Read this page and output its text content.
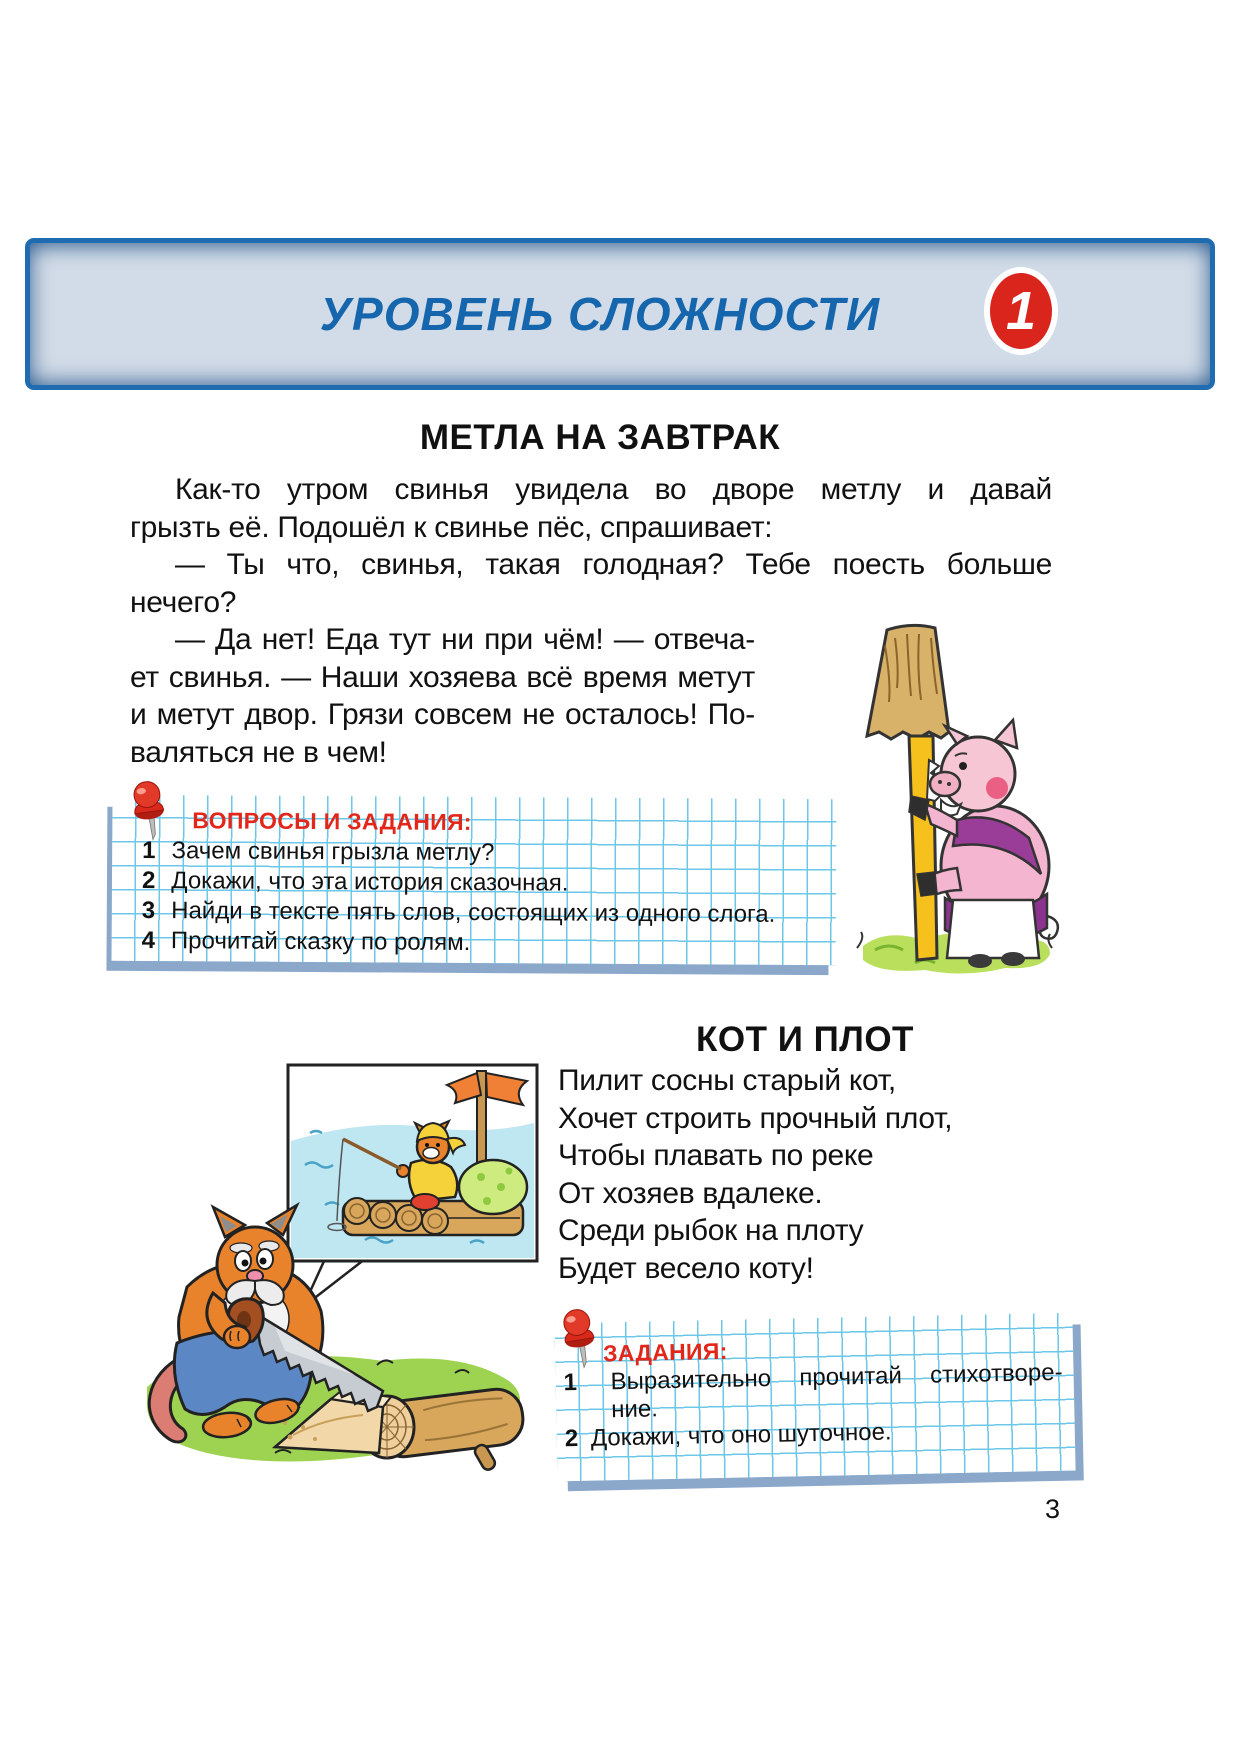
УРОВЕНЬ СЛОЖНОСТИ	1
МЕТЛА НА ЗАВТРАК
Как-то утром свинья увидела во дворе метлу и давай
грызть её. Подошёл к свинье пёс, спрашивает:
— Ты что, свинья, такая голодная? Тебе поесть больше
нечего?
— Да нет! Еда тут ни при чём! — отвеча-
ет свинья. — Наши хозяева всё время метут
и метут двор. Грязи совсем не осталось! По-
валяться не в чем!
ВОПРОСЫ И ЗАДАНИЯ:
1 Зачем свинья грызла метлу?
2 Докажи, что эта история сказочная.
3 Найди в тексте пять слов, состоящих из одного слога.
4 Прочитай сказку по ролям.
КОТ И ПЛОТ
Пилит сосны старый кот,
Хочет строить прочный плот,
Чтобы плавать по реке
От хозяев вдалеке.
Среди рыбок на плоту
Будет весело коту!
ЗАДАНИЯ:
1 Выразительно прочитай стихотворе-
ние.
2 Докажи, что оно шуточное.
3
